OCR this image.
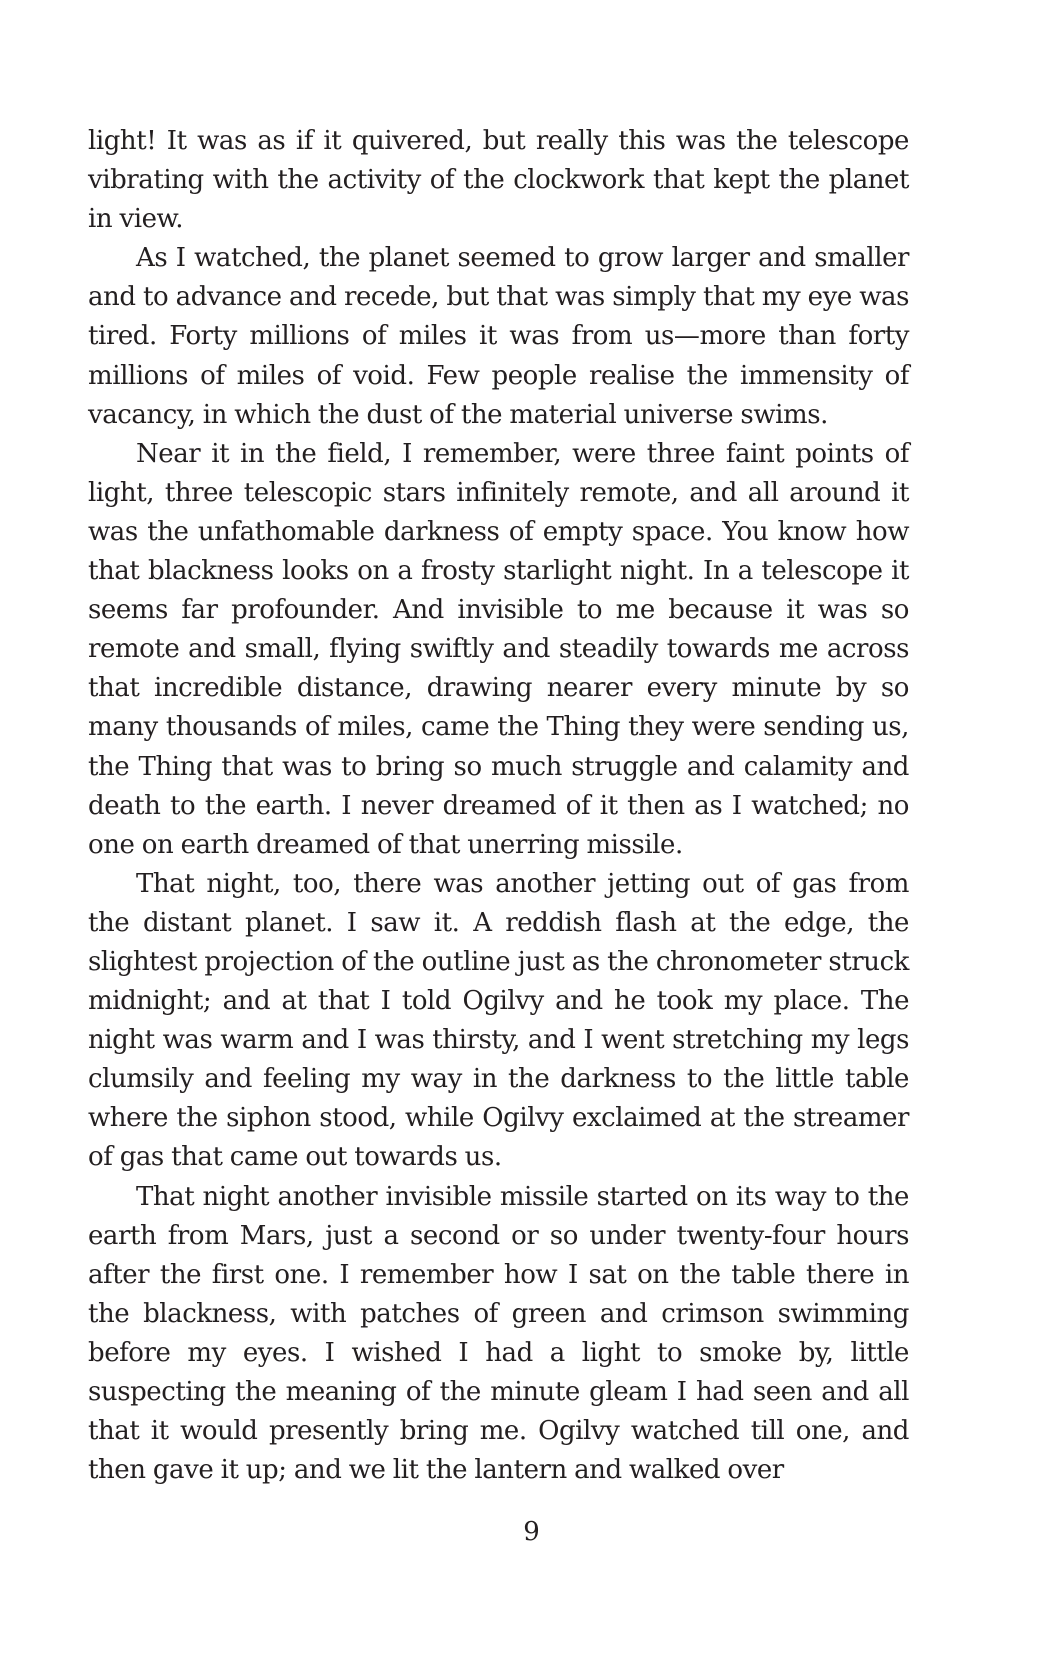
light! It was as if it quivered, but really this was the telescope vibrating with the activity of the clockwork that kept the planet in view.

As I watched, the planet seemed to grow larger and smaller and to advance and recede, but that was simply that my eye was tired. Forty millions of miles it was from us—more than forty millions of miles of void. Few people realise the immensity of vacancy, in which the dust of the material universe swims.

Near it in the field, I remember, were three faint points of light, three telescopic stars infinitely remote, and all around it was the unfathomable darkness of empty space. You know how that blackness looks on a frosty starlight night. In a telescope it seems far profounder. And invisible to me because it was so remote and small, flying swiftly and steadily towards me across that incredible distance, drawing nearer every minute by so many thousands of miles, came the Thing they were sending us, the Thing that was to bring so much struggle and calamity and death to the earth. I never dreamed of it then as I watched; no one on earth dreamed of that unerring missile.

That night, too, there was another jetting out of gas from the distant planet. I saw it. A reddish flash at the edge, the slightest projection of the outline just as the chronometer struck midnight; and at that I told Ogilvy and he took my place. The night was warm and I was thirsty, and I went stretching my legs clumsily and feeling my way in the darkness to the little table where the siphon stood, while Ogilvy exclaimed at the streamer of gas that came out towards us.

That night another invisible missile started on its way to the earth from Mars, just a second or so under twenty-four hours after the first one. I remember how I sat on the table there in the blackness, with patches of green and crimson swimming before my eyes. I wished I had a light to smoke by, little suspecting the meaning of the minute gleam I had seen and all that it would presently bring me. Ogilvy watched till one, and then gave it up; and we lit the lantern and walked over

9
